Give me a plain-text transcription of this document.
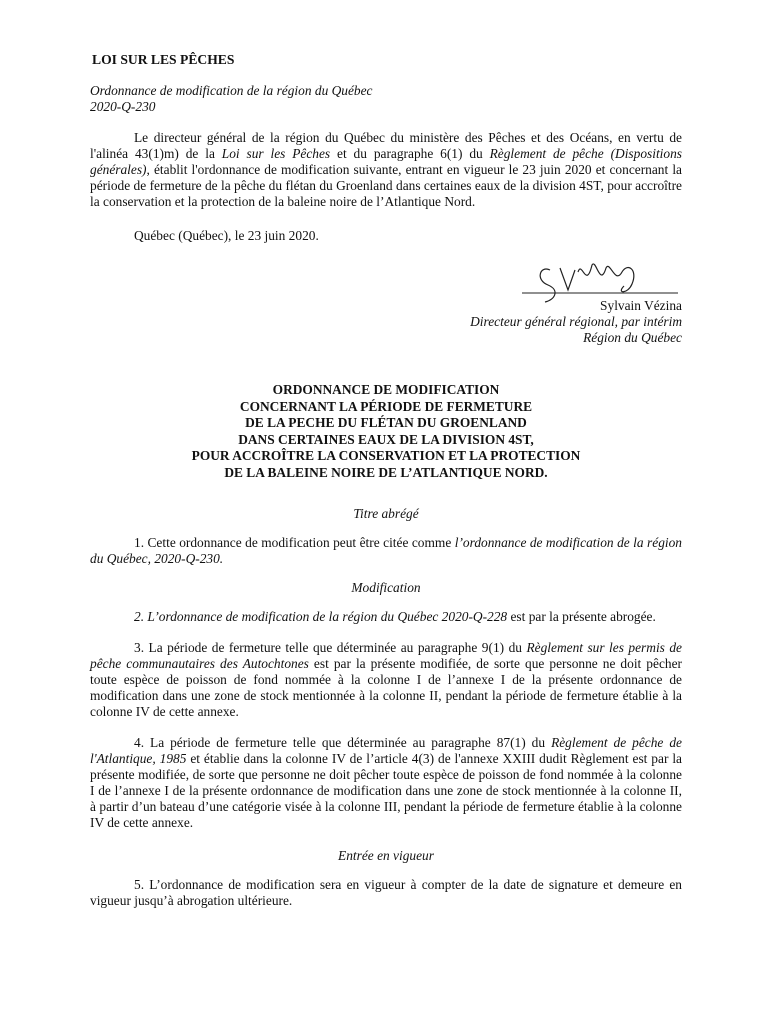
LOI SUR LES PÊCHES

Ordonnance de modification de la région du Québec

2020-Q-230

Le directeur général de la région du Québec du ministère des Pêches et des Océans, en vertu de l'alinéa 43(1)m) de la Loi sur les Pêches et du paragraphe 6(1) du Règlement de pêche (Dispositions générales), établit l'ordonnance de modification suivante, entrant en vigueur le 23 juin 2020 et concernant la période de fermeture de la pêche du flétan du Groenland dans certaines eaux de la division 4ST, pour accroître la conservation et la protection de la baleine noire de l’Atlantique Nord.

Québec (Québec), le 23 juin 2020.

Sylvain Vézina

Directeur général régional, par intérim

Région du Québec

ORDONNANCE DE MODIFICATION

CONCERNANT LA PÉRIODE DE FERMETURE

DE LA PECHE DU FLÉTAN DU GROENLAND

DANS CERTAINES EAUX DE LA DIVISION 4ST,

POUR ACCROÎTRE LA CONSERVATION ET LA PROTECTION

DE LA BALEINE NOIRE DE L’ATLANTIQUE NORD.

Titre abrégé

1. Cette ordonnance de modification peut être citée comme l’ordonnance de modification de la région du Québec, 2020-Q-230.

Modification

2. L’ordonnance de modification de la région du Québec 2020-Q-228 est par la présente abrogée.

3. La période de fermeture telle que déterminée au paragraphe 9(1) du Règlement sur les permis de pêche communautaires des Autochtones est par la présente modifiée, de sorte que personne ne doit pêcher toute espèce de poisson de fond nommée à la colonne I de l’annexe I de la présente ordonnance de modification dans une zone de stock mentionnée à la colonne II, pendant la période de fermeture établie à la colonne IV de cette annexe.

4. La période de fermeture telle que déterminée au paragraphe 87(1) du Règlement de pêche de l'Atlantique, 1985 et établie dans la colonne IV de l’article 4(3) de l'annexe XXIII dudit Règlement est par la présente modifiée, de sorte que personne ne doit pêcher toute espèce de poisson de fond nommée à la colonne I de l’annexe I de la présente ordonnance de modification dans une zone de stock mentionnée à la colonne II, à partir d’un bateau d’une catégorie visée à la colonne III, pendant la période de fermeture établie à la colonne IV de cette annexe.

Entrée en vigueur

5. L’ordonnance de modification sera en vigueur à compter de la date de signature et demeure en vigueur jusqu’à abrogation ultérieure.
